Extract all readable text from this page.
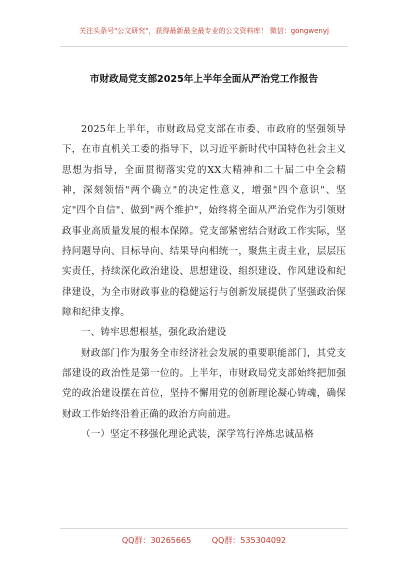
关注头条号"公文研究"，获得最新最全最专业的公文资料库！ 微信：gongwenyj
市财政局党支部2025年上半年全面从严治党工作报告

2025年上半年，市财政局党支部在市委、市政府的坚强领导下，在市直机关工委的指导下，以习近平新时代中国特色社会主义思想为指导，全面贯彻落实党的XX大精神和二十届二中全会精神，深刻领悟"两个确立"的决定性意义，增强"四个意识"、坚定"四个自信"、做到"两个维护"，始终将全面从严治党作为引领财政事业高质量发展的根本保障。党支部紧密结合财政工作实际，坚持问题导向、目标导向、结果导向相统一，聚焦主责主业，层层压实责任，持续深化政治建设、思想建设、组织建设、作风建设和纪律建设，为全市财政事业的稳健运行与创新发展提供了坚强政治保障和纪律支撑。

一、铸牢思想根基，强化政治建设

财政部门作为服务全市经济社会发展的重要职能部门，其党支部建设的政治性是第一位的。上半年，市财政局党支部始终把加强党的政治建设摆在首位，坚持不懈用党的创新理论凝心铸魂，确保财政工作始终沿着正确的政治方向前进。

（一）坚定不移强化理论武装，深学笃行淬炼忠诚品格

QQ群：30265665	QQ群：535304092
